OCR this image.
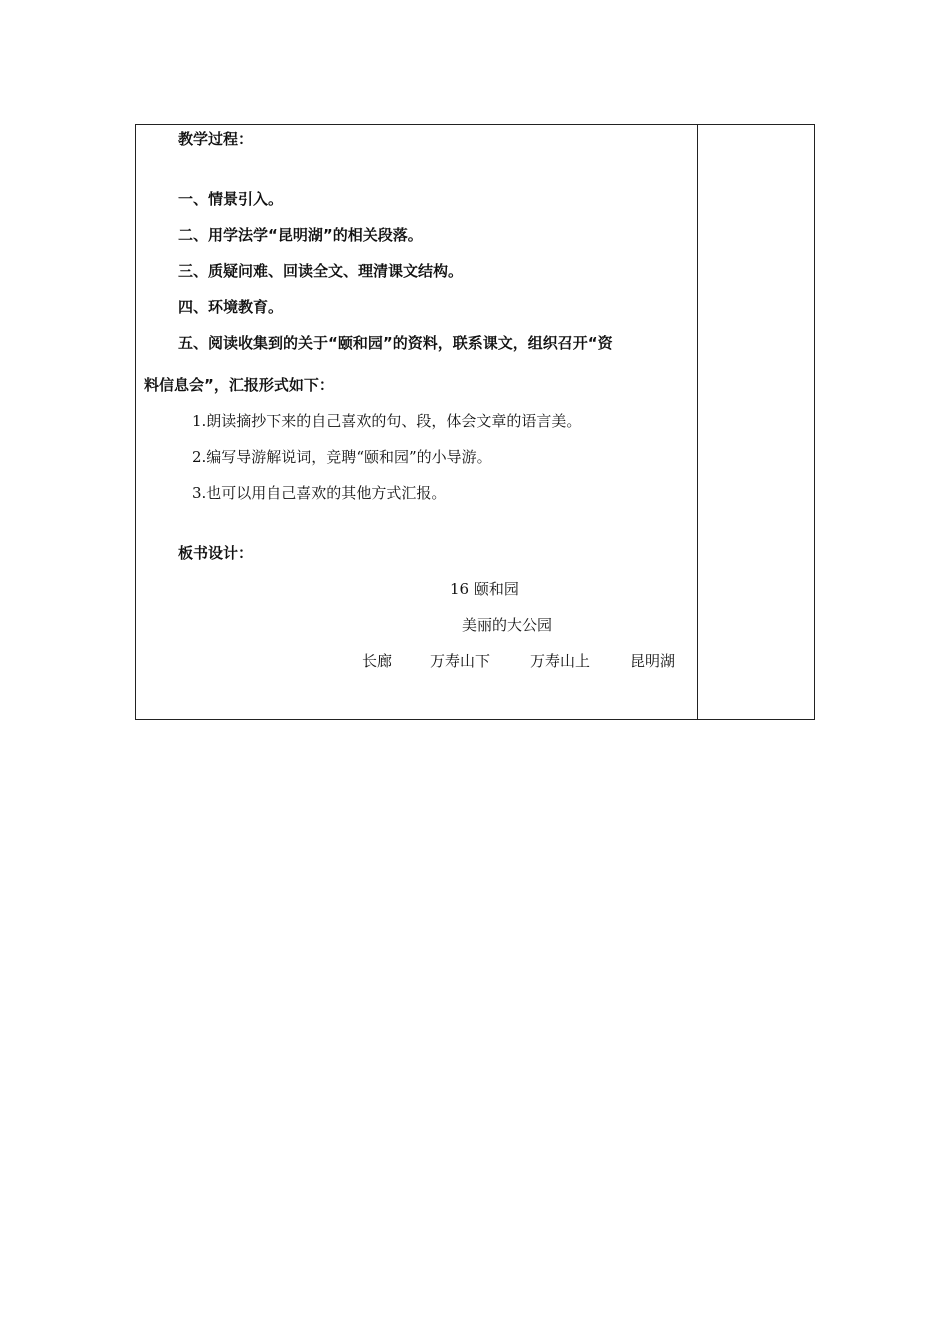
教学过程：
一、情景引入。
二、用学法学“昆明湖”的相关段落。
三、质疑问难、回读全文、理清课文结构。
四、环境教育。
五、阅读收集到的关于“颐和园”的资料，联系课文，组织召开“资
料信息会”，汇报形式如下：
1.朗读摘抄下来的自己喜欢的句、段，体会文章的语言美。
2.编写导游解说词，竞聘“颐和园”的小导游。
3.也可以用自己喜欢的其他方式汇报。
板书设计：
16 颐和园
美丽的大公园
长廊	万寿山下	万寿山上	昆明湖
